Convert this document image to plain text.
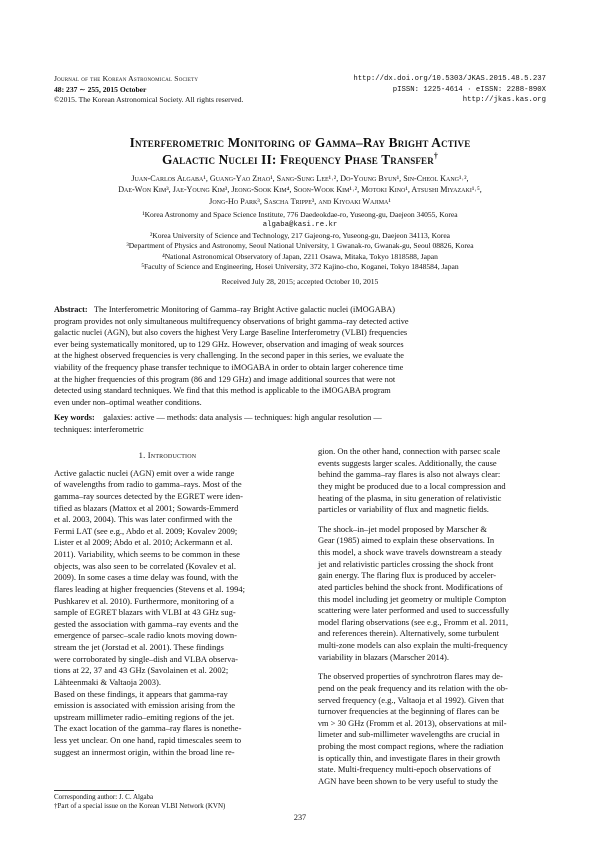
Journal of the Korean Astronomical Society
48: 237 ∼ 255, 2015 October
©2015. The Korean Astronomical Society. All rights reserved.
http://dx.doi.org/10.5303/JKAS.2015.48.5.237
pISSN: 1225-4614 · eISSN: 2288-890X
http://jkas.kas.org
Interferometric Monitoring of Gamma–Ray Bright Active
Galactic Nuclei II: Frequency Phase Transfer†
Juan-Carlos Algaba¹, Guang-Yao Zhao¹, Sang-Sung Lee¹˒², Do-Young Byun¹, Sin-Cheol Kang¹˒²,
Dae-Won Kim³, Jae-Young Kim³, Jeong-Sook Kim⁴, Soon-Wook Kim¹˒², Motoki Kino¹, Atsushi Miyazaki¹˒⁵,
Jong-Ho Park³, Sascha Trippe³, and Kiyoaki Wajima¹
¹Korea Astronomy and Space Science Institute, 776 Daedeokdae-ro, Yuseong-gu, Daejeon 34055, Korea
algaba@kasi.re.kr
²Korea University of Science and Technology, 217 Gajeong-ro, Yuseong-gu, Daejeon 34113, Korea
³Department of Physics and Astronomy, Seoul National University, 1 Gwanak-ro, Gwanak-gu, Seoul 08826, Korea
⁴National Astronomical Observatory of Japan, 2211 Osawa, Mitaka, Tokyo 1818588, Japan
⁵Faculty of Science and Engineering, Hosei University, 372 Kajino-cho, Koganei, Tokyo 1848584, Japan
Received July 28, 2015; accepted October 10, 2015
Abstract: The Interferometric Monitoring of Gamma–ray Bright Active galactic nuclei (iMOGABA)
program provides not only simultaneous multifrequency observations of bright gamma–ray detected active
galactic nuclei (AGN), but also covers the highest Very Large Baseline Interferometry (VLBI) frequencies
ever being systematically monitored, up to 129 GHz. However, observation and imaging of weak sources
at the highest observed frequencies is very challenging. In the second paper in this series, we evaluate the
viability of the frequency phase transfer technique to iMOGABA in order to obtain larger coherence time
at the higher frequencies of this program (86 and 129 GHz) and image additional sources that were not
detected using standard techniques. We find that this method is applicable to the iMOGABA program
even under non–optimal weather conditions.
Key words: galaxies: active — methods: data analysis — techniques: high angular resolution —
techniques: interferometric
1. Introduction
Active galactic nuclei (AGN) emit over a wide range
of wavelengths from radio to gamma–rays. Most of the
gamma–ray sources detected by the EGRET were iden-
tified as blazars (Mattox et al 2001; Sowards-Emmerd
et al. 2003, 2004). This was later confirmed with the
Fermi LAT (see e.g., Abdo et al. 2009; Kovalev 2009;
Lister et al 2009; Abdo et al. 2010; Ackermann et al.
2011). Variability, which seems to be common in these
objects, was also seen to be correlated (Kovalev et al.
2009). In some cases a time delay was found, with the
flares leading at higher frequencies (Stevens et al. 1994;
Pushkarev et al. 2010). Furthermore, monitoring of a
sample of EGRET blazars with VLBI at 43 GHz sug-
gested the association with gamma–ray events and the
emergence of parsec–scale radio knots moving down-
stream the jet (Jorstad et al. 2001). These findings
were corroborated by single–dish and VLBA observa-
tions at 22, 37 and 43 GHz (Savolainen et al. 2002;
Lähteenmaki & Valtaoja 2003).
Based on these findings, it appears that gamma-ray
emission is associated with emission arising from the
upstream millimeter radio–emiting regions of the jet.
The exact location of the gamma–ray flares is nonethe-
less yet unclear. On one hand, rapid timescales seem to
suggest an innermost origin, within the broad line re-
gion. On the other hand, connection with parsec scale
events suggests larger scales. Additionally, the cause
behind the gamma–ray flares is also not always clear:
they might be produced due to a local compression and
heating of the plasma, in situ generation of relativistic
particles or variability of flux and magnetic fields.
The shock–in–jet model proposed by Marscher &
Gear (1985) aimed to explain these observations. In
this model, a shock wave travels downstream a steady
jet and relativistic particles crossing the shock front
gain energy. The flaring flux is produced by acceler-
ated particles behind the shock front. Modifications of
this model including jet geometry or multiple Compton
scattering were later performed and used to successfully
model flaring observations (see e.g., Fromm et al. 2011,
and references therein). Alternatively, some turbulent
multi-zone models can also explain the multi-frequency
variability in blazars (Marscher 2014).
The observed properties of synchrotron flares may de-
pend on the peak frequency and its relation with the ob-
served frequency (e.g., Valtaoja et al 1992). Given that
turnover frequencies at the beginning of flares can be
νm > 30 GHz (Fromm et al. 2013), observations at mil-
limeter and sub-millimeter wavelengths are crucial in
probing the most compact regions, where the radiation
is optically thin, and investigate flares in their growth
state. Multi-frequency multi-epoch observations of
AGN have been shown to be very useful to study the
Corresponding author: J. C. Algaba
†Part of a special issue on the Korean VLBI Network (KVN)
237
